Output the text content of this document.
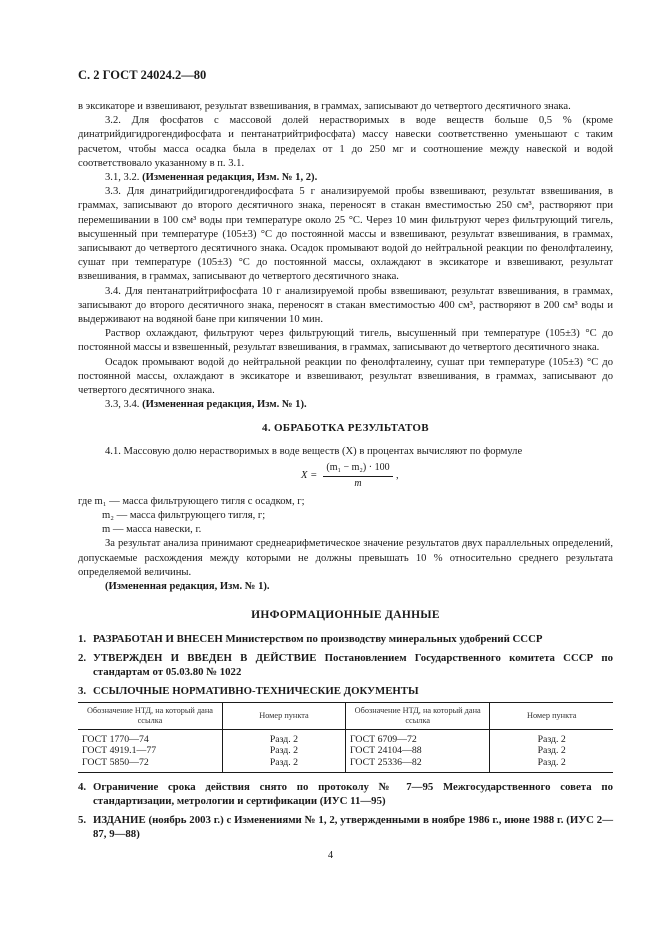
С. 2 ГОСТ 24024.2—80

в эксикаторе и взвешивают, результат взвешивания, в граммах, записывают до четвертого десятичного знака.

3.2. Для фосфатов с массовой долей нерастворимых в воде веществ больше 0,5 % (кроме динатрийдигидрогендифосфата и пентанатрийтрифосфата) массу навески соответственно уменьшают с таким расчетом, чтобы масса осадка была в пределах от 1 до 250 мг и соотношение между навеской и водой соответствовало указанному в п. 3.1.

3.1, 3.2. (Измененная редакция, Изм. № 1, 2).

3.3. Для динатрийдигидрогендифосфата 5 г анализируемой пробы взвешивают, результат взвешивания, в граммах, записывают до второго десятичного знака, переносят в стакан вместимостью 250 см³, растворяют при перемешивании в 100 см³ воды при температуре около 25 °С. Через 10 мин фильтруют через фильтрующий тигель, высушенный при температуре (105±3) °С до постоянной массы и взвешивают, результат взвешивания, в граммах, записывают до четвертого десятичного знака. Осадок промывают водой до нейтральной реакции по фенолфталеину, сушат при температуре (105±3) °С до постоянной массы, охлаждают в эксикаторе и взвешивают, результат взвешивания, в граммах, записывают до четвертого десятичного знака.

3.4. Для пентанатрийтрифосфата 10 г анализируемой пробы взвешивают, результат взвешивания, в граммах, записывают до второго десятичного знака, переносят в стакан вместимостью 400 см³, растворяют в 200 см³ воды и выдерживают на водяной бане при кипячении 10 мин.

Раствор охлаждают, фильтруют через фильтрующий тигель, высушенный при температуре (105±3) °С до постоянной массы и взвешенный, результат взвешивания, в граммах, записывают до четвертого десятичного знака.

Осадок промывают водой до нейтральной реакции по фенолфталеину, сушат при температуре (105±3) °С до постоянной массы, охлаждают в эксикаторе и взвешивают, результат взвешивания, в граммах, записывают до четвертого десятичного знака.

3.3, 3.4. (Измененная редакция, Изм. № 1).

4. ОБРАБОТКА РЕЗУЛЬТАТОВ

4.1. Массовую долю нерастворимых в воде веществ (X) в процентах вычисляют по формуле

$X = \frac{\text{(m₁ − m₂) · 100}}{m}$ ,

где m₁ — масса фильтрующего тигля с осадком, г;

m₂ — масса фильтрующего тигля, г;

m — масса навески, г.

За результат анализа принимают среднеарифметическое значение результатов двух параллельных определений, допускаемые расхождения между которыми не должны превышать 10 % относительно среднего результата определяемой величины.

(Измененная редакция, Изм. № 1).

ИНФОРМАЦИОННЫЕ ДАННЫЕ
1. РАЗРАБОТАН И ВНЕСЕН Министерством по производству минеральных удобрений СССР
2. УТВЕРЖДЕН И ВВЕДЕН В ДЕЙСТВИЕ Постановлением Государственного комитета СССР по стандартам от 05.03.80 № 1022
3. ССЫЛОЧНЫЕ НОРМАТИВНО-ТЕХНИЧЕСКИЕ ДОКУМЕНТЫ
Обозначение НТД, на который дана ссылка	Номер пункта	Обозначение НТД, на который дана ссылка	Номер пункта
ГОСТ 1770—74	Разд. 2	ГОСТ 6709—72	Разд. 2
ГОСТ 4919.1—77	Разд. 2	ГОСТ 24104—88	Разд. 2
ГОСТ 5850—72	Разд. 2	ГОСТ 25336—82	Разд. 2
4. Ограничение срока действия снято по протоколу № 7—95 Межгосударственного совета по стандартизации, метрологии и сертификации (ИУС 11—95)
5. ИЗДАНИЕ (ноябрь 2003 г.) с Изменениями № 1, 2, утвержденными в ноябре 1986 г., июне 1988 г. (ИУС 2—87, 9—88)
4
